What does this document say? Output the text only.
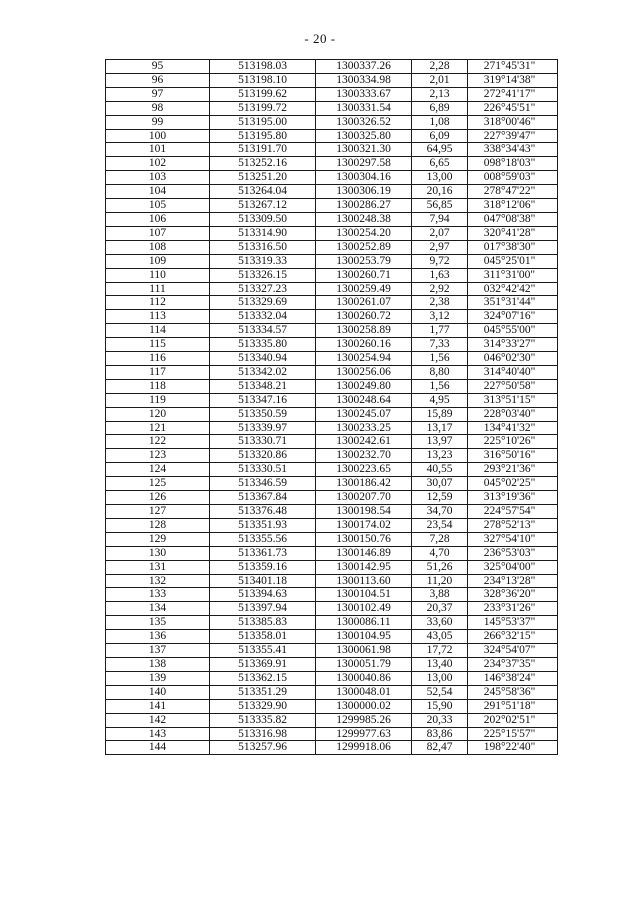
- 20 -
95	513198.03	1300337.26	2,28	271°45'31"
96	513198.10	1300334.98	2,01	319°14'38"
97	513199.62	1300333.67	2,13	272°41'17"
98	513199.72	1300331.54	6,89	226°45'51"
99	513195.00	1300326.52	1,08	318°00'46"
100	513195.80	1300325.80	6,09	227°39'47"
101	513191.70	1300321.30	64,95	338°34'43"
102	513252.16	1300297.58	6,65	098°18'03"
103	513251.20	1300304.16	13,00	008°59'03"
104	513264.04	1300306.19	20,16	278°47'22"
105	513267.12	1300286.27	56,85	318°12'06"
106	513309.50	1300248.38	7,94	047°08'38"
107	513314.90	1300254.20	2,07	320°41'28"
108	513316.50	1300252.89	2,97	017°38'30"
109	513319.33	1300253.79	9,72	045°25'01"
110	513326.15	1300260.71	1,63	311°31'00"
111	513327.23	1300259.49	2,92	032°42'42"
112	513329.69	1300261.07	2,38	351°31'44"
113	513332.04	1300260.72	3,12	324°07'16"
114	513334.57	1300258.89	1,77	045°55'00"
115	513335.80	1300260.16	7,33	314°33'27"
116	513340.94	1300254.94	1,56	046°02'30"
117	513342.02	1300256.06	8,80	314°40'40"
118	513348.21	1300249.80	1,56	227°50'58"
119	513347.16	1300248.64	4,95	313°51'15"
120	513350.59	1300245.07	15,89	228°03'40"
121	513339.97	1300233.25	13,17	134°41'32"
122	513330.71	1300242.61	13,97	225°10'26"
123	513320.86	1300232.70	13,23	316°50'16"
124	513330.51	1300223.65	40,55	293°21'36"
125	513346.59	1300186.42	30,07	045°02'25"
126	513367.84	1300207.70	12,59	313°19'36"
127	513376.48	1300198.54	34,70	224°57'54"
128	513351.93	1300174.02	23,54	278°52'13"
129	513355.56	1300150.76	7,28	327°54'10"
130	513361.73	1300146.89	4,70	236°53'03"
131	513359.16	1300142.95	51,26	325°04'00"
132	513401.18	1300113.60	11,20	234°13'28"
133	513394.63	1300104.51	3,88	328°36'20"
134	513397.94	1300102.49	20,37	233°31'26"
135	513385.83	1300086.11	33,60	145°53'37"
136	513358.01	1300104.95	43,05	266°32'15"
137	513355.41	1300061.98	17,72	324°54'07"
138	513369.91	1300051.79	13,40	234°37'35"
139	513362.15	1300040.86	13,00	146°38'24"
140	513351.29	1300048.01	52,54	245°58'36"
141	513329.90	1300000.02	15,90	291°51'18"
142	513335.82	1299985.26	20,33	202°02'51"
143	513316.98	1299977.63	83,86	225°15'57"
144	513257.96	1299918.06	82,47	198°22'40"
